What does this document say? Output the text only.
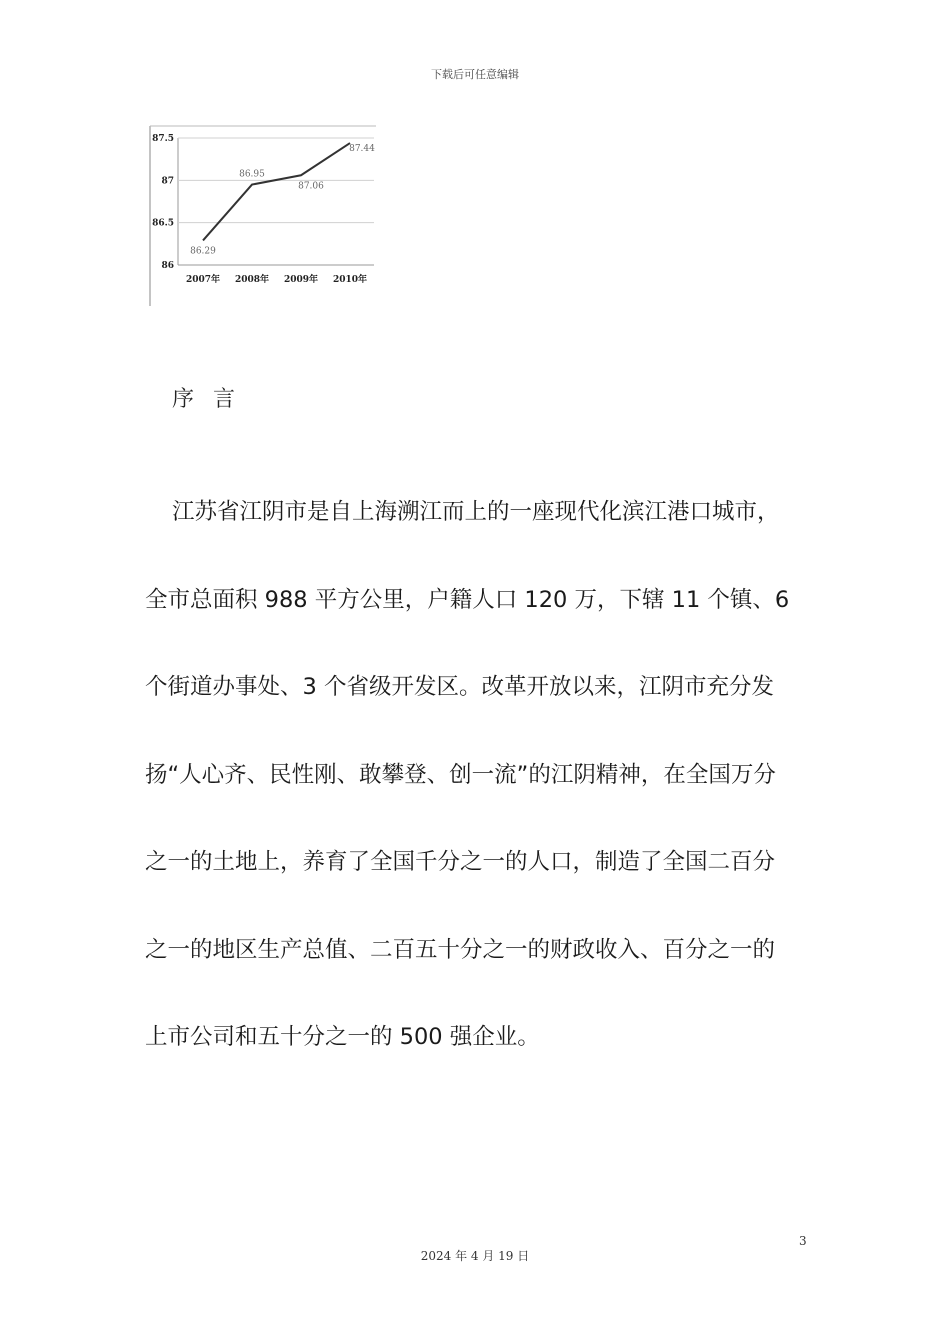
下载后可任意编辑
86
86.5
87
87.5
2007年 2008年 2009年 2010年
86.29
86.95
87.06
87.44
序 言

江苏省江阴市是自上海溯江而上的一座现代化滨江港口城市，全市总面积 988 平方公里，户籍人口 120 万，下辖 11 个镇、6 个街道办事处、3 个省级开发区。改革开放以来，江阴市充分发扬“人心齐、民性刚、敢攀登、创一流”的江阴精神，在全国万分之一的土地上，养育了全国千分之一的人口，制造了全国二百分之一的地区生产总值、二百五十分之一的财政收入、百分之一的上市公司和五十分之一的 500 强企业。

3
2024 年 4 月 19 日
